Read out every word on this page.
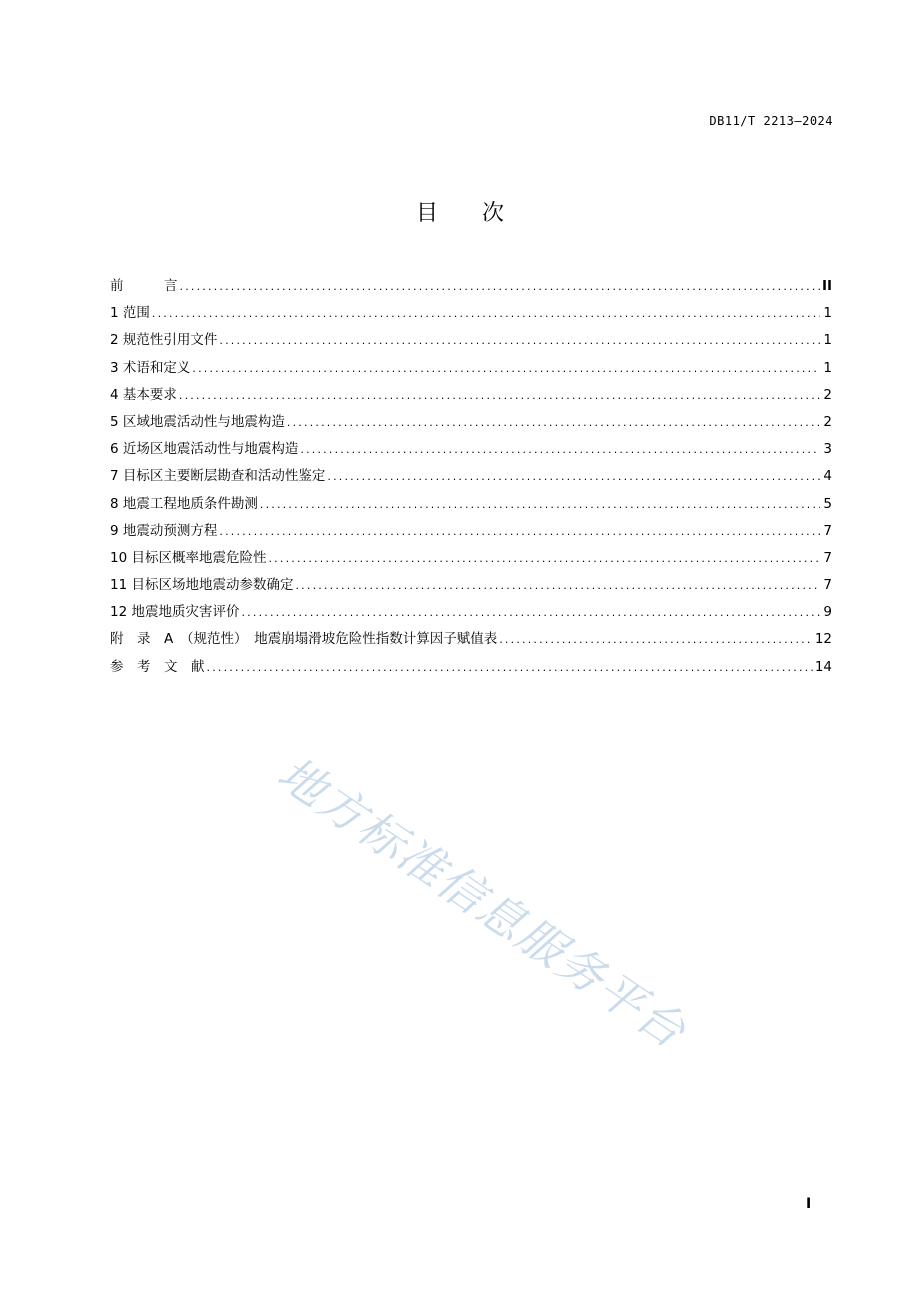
DB11/T 2213—2024
目　　次
前　　　言 .....	II
1 范围 .....	1
2 规范性引用文件 .....	1
3 术语和定义 .....	1
4 基本要求 .....	2
5 区域地震活动性与地震构造 .....	2
6 近场区地震活动性与地震构造 .....	3
7 目标区主要断层勘查和活动性鉴定 .....	4
8 地震工程地质条件勘测 .....	5
9 地震动预测方程 .....	7
10 目标区概率地震危险性 .....	7
11 目标区场地地震动参数确定 .....	7
12 地震地质灾害评价 .....	9
附　录　A　（规范性）　地震崩塌滑坡危险性指数计算因子赋值表 .....	12
参　考　文　献 .....	14
地方标准信息服务平台
I
